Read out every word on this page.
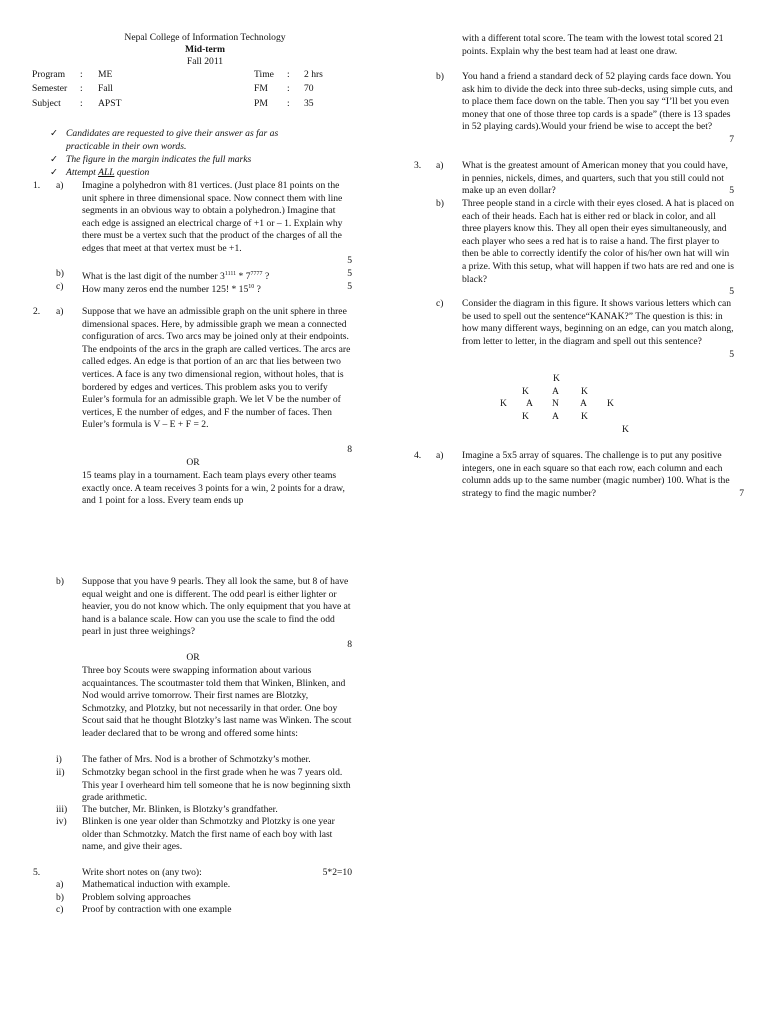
Nepal College of Information Technology
Mid-term
Fall 2011
Program : ME	Time : 2 hrs
Semester : Fall	FM : 70
Subject : APST	PM : 35
✓ Candidates are requested to give their answer as far as
practicable in their own words.
✓ The figure in the margin indicates the full marks
✓ Attempt ALL question
1. a) Imagine a polyhedron with 81 vertices. (Just place 81 points on the unit sphere in three dimensional space. Now connect them with line segments in an obvious way to obtain a polyhedron.) Imagine that each edge is assigned an electrical charge of +1 or – 1. Explain why there must be a vertex such that the product of the charges of all the edges that meet at that vertex must be +1.
5
b) What is the last digit of the number $3^{1111} * 7^{7777}$ ?	5
c) How many zeros end the number 125! * $15^{10}$ ?	5
2. a) Suppose that we have an admissible graph on the unit sphere in three dimensional spaces. Here, by admissible graph we mean a connected configuration of arcs. Two arcs may be joined only at their endpoints. The endpoints of the arcs in the graph are called vertices. The arcs are called edges. An edge is that portion of an arc that lies between two vertices. A face is any two dimensional region, without holes, that is bordered by edges and vertices. This problem asks you to verify Euler’s formula for an admissible graph. We let V be the number of vertices, E the number of edges, and F the number of faces. Then Euler’s formula is V – E + F = 2.
8
OR
15 teams play in a tournament. Each team plays every other teams exactly once. A team receives 3 points for a win, 2 points for a draw, and 1 point for a loss. Every team ends up
b) Suppose that you have 9 pearls. They all look the same, but 8 of have equal weight and one is different. The odd pearl is either lighter or heavier, you do not know which. The only equipment that you have at hand is a balance scale. How can you use the scale to find the odd pearl in just three weighings?
8
OR
Three boy Scouts were swapping information about various acquaintances. The scoutmaster told them that Winken, Blinken, and Nod would arrive tomorrow. Their first names are Blotzky, Schmotzky, and Plotzky, but not necessarily in that order. One boy Scout said that he thought Blotzky’s last name was Winken. The scout leader declared that to be wrong and offered some hints:
i) The father of Mrs. Nod is a brother of Schmotzky’s mother.
ii) Schmotzky began school in the first grade when he was 7 years old. This year I overheard him tell someone that he is now beginning sixth grade arithmetic.
iii) The butcher, Mr. Blinken, is Blotzky’s grandfather.
iv) Blinken is one year older than Schmotzky and Plotzky is one year older than Schmotzky. Match the first name of each boy with last name, and give their ages.
5.	Write short notes on (any two):	5*2=10
a) Mathematical induction with example.
b) Problem solving approaches
c) Proof by contraction with one example
with a different total score. The team with the lowest total scored 21 points. Explain why the best team had at least one draw.
b) You hand a friend a standard deck of 52 playing cards face down. You ask him to divide the deck into three sub-decks, using simple cuts, and to place them face down on the table. Then you say “I’ll bet you even money that one of those three top cards is a spade” (there is 13 spades in 52 playing cards).Would your friend be wise to accept the bet?
7
3. a) What is the greatest amount of American money that you could have, in pennies, nickels, dimes, and quarters, such that you still could not make up an even dollar?	5
b) Three people stand in a circle with their eyes closed. A hat is placed on each of their heads. Each hat is either red or black in color, and all three players know this. They all open their eyes simultaneously, and each player who sees a red hat is to raise a hand. The first player to then be able to correctly identify the color of his/her own hat will win a prize. With this setup, what will happen if two hats are red and one is black?
5
c) Consider the diagram in this figure. It shows various letters which can be used to spell out the sentence“KANAK?” The question is this: in how many different ways, beginning on an edge, can you match along, from letter to letter, in the diagram and spell out this sentence?
5
K
K A K
K A N A K
K A K
K
4. a) Imagine a 5x5 array of squares. The challenge is to put any positive integers, one in each square so that each row, each column and each column adds up to the same number (magic number) 100. What is the strategy to find the magic number?	7
